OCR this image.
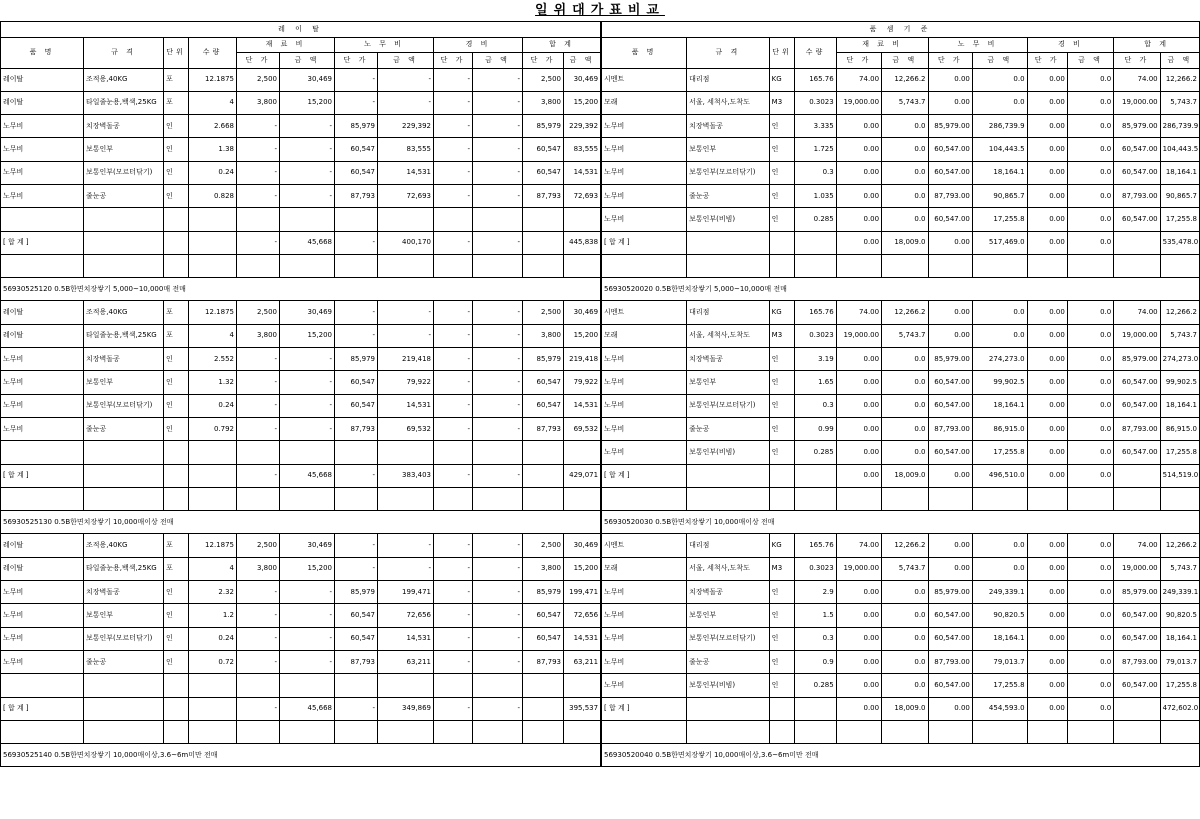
일위대가표비교
레 이 탈											
품 명	규 격	단위	수량	재 료 비		노 무 비		경 비		합 계	
				단 가	금 액	단 가	금 액	단 가	금 액	단 가	금 액
레이탈	조적용,40KG	포	12.1875	2,500	30,469	-	-	-	-	2,500	30,469
레이탈	타일줄눈용,백색,25KG	포	4	3,800	15,200	-	-	-	-	3,800	15,200
노무비	치장벽돌공	인	2.668	-	-	85,979	229,392	-	-	85,979	229,392
노무비	보통인부	인	1.38	-	-	60,547	83,555	-	-	60,547	83,555
노무비	보통인부(모르터닦기)	인	0.24	-	-	60,547	14,531	-	-	60,547	14,531
노무비	줄눈공	인	0.828	-	-	87,793	72,693	-	-	87,793	72,693

[ 합 계 ]				-	45,668	-	400,170	-	-		445,838

56930525120 0.5B한면치장쌓기 5,000~10,000매 전매											
레이탈	조적용,40KG	포	12.1875	2,500	30,469	-	-	-	-	2,500	30,469
레이탈	타일줄눈용,백색,25KG	포	4	3,800	15,200	-	-	-	-	3,800	15,200
노무비	치장벽돌공	인	2.552	-	-	85,979	219,418	-	-	85,979	219,418
노무비	보통인부	인	1.32	-	-	60,547	79,922	-	-	60,547	79,922
노무비	보통인부(모르터닦기)	인	0.24	-	-	60,547	14,531	-	-	60,547	14,531
노무비	줄눈공	인	0.792	-	-	87,793	69,532	-	-	87,793	69,532

[ 합 계 ]				-	45,668	-	383,403	-	-		429,071

56930525130 0.5B한면치장쌓기 10,000매이상 전매											
레이탈	조적용,40KG	포	12.1875	2,500	30,469	-	-	-	-	2,500	30,469
레이탈	타일줄눈용,백색,25KG	포	4	3,800	15,200	-	-	-	-	3,800	15,200
노무비	치장벽돌공	인	2.32	-	-	85,979	199,471	-	-	85,979	199,471
노무비	보통인부	인	1.2	-	-	60,547	72,656	-	-	60,547	72,656
노무비	보통인부(모르터닦기)	인	0.24	-	-	60,547	14,531	-	-	60,547	14,531
노무비	줄눈공	인	0.72	-	-	87,793	63,211	-	-	87,793	63,211

[ 합 계 ]				-	45,668	-	349,869	-	-		395,537

56930525140 0.5B한면치장쌓기 10,000매이상,3.6~6m미만 전매											
품 셈 기 준											
품 명	규 격	단위	수량	재 료 비		노 무 비		경 비		합 계	
				단 가	금 액	단 가	금 액	단 가	금 액	단 가	금 액
시멘트	대리점	KG	165.76	74.00	12,266.2	0.00	0.0	0.00	0.0	74.00	12,266.2
모래	서울, 세척사,도착도	M3	0.3023	19,000.00	5,743.7	0.00	0.0	0.00	0.0	19,000.00	5,743.7
노무비	치장벽돌공	인	3.335	0.00	0.0	85,979.00	286,739.9	0.00	0.0	85,979.00	286,739.9
노무비	보통인부	인	1.725	0.00	0.0	60,547.00	104,443.5	0.00	0.0	60,547.00	104,443.5
노무비	보통인부(모르터닦기)	인	0.3	0.00	0.0	60,547.00	18,164.1	0.00	0.0	60,547.00	18,164.1
노무비	줄눈공	인	1.035	0.00	0.0	87,793.00	90,865.7	0.00	0.0	87,793.00	90,865.7
노무비	보통인부(비빔)	인	0.285	0.00	0.0	60,547.00	17,255.8	0.00	0.0	60,547.00	17,255.8
[ 합 계 ]				0.00	18,009.0	0.00	517,469.0	0.00	0.0		535,478.0

56930520020 0.5B한면치장쌓기 5,000~10,000매 전매											
시멘트	대리점	KG	165.76	74.00	12,266.2	0.00	0.0	0.00	0.0	74.00	12,266.2
모래	서울, 세척사,도착도	M3	0.3023	19,000.00	5,743.7	0.00	0.0	0.00	0.0	19,000.00	5,743.7
노무비	치장벽돌공	인	3.19	0.00	0.0	85,979.00	274,273.0	0.00	0.0	85,979.00	274,273.0
노무비	보통인부	인	1.65	0.00	0.0	60,547.00	99,902.5	0.00	0.0	60,547.00	99,902.5
노무비	보통인부(모르터닦기)	인	0.3	0.00	0.0	60,547.00	18,164.1	0.00	0.0	60,547.00	18,164.1
노무비	줄눈공	인	0.99	0.00	0.0	87,793.00	86,915.0	0.00	0.0	87,793.00	86,915.0
노무비	보통인부(비빔)	인	0.285	0.00	0.0	60,547.00	17,255.8	0.00	0.0	60,547.00	17,255.8
[ 합 계 ]				0.00	18,009.0	0.00	496,510.0	0.00	0.0		514,519.0

56930520030 0.5B한면치장쌓기 10,000매이상 전매											
시멘트	대리점	KG	165.76	74.00	12,266.2	0.00	0.0	0.00	0.0	74.00	12,266.2
모래	서울, 세척사,도착도	M3	0.3023	19,000.00	5,743.7	0.00	0.0	0.00	0.0	19,000.00	5,743.7
노무비	치장벽돌공	인	2.9	0.00	0.0	85,979.00	249,339.1	0.00	0.0	85,979.00	249,339.1
노무비	보통인부	인	1.5	0.00	0.0	60,547.00	90,820.5	0.00	0.0	60,547.00	90,820.5
노무비	보통인부(모르터닦기)	인	0.3	0.00	0.0	60,547.00	18,164.1	0.00	0.0	60,547.00	18,164.1
노무비	줄눈공	인	0.9	0.00	0.0	87,793.00	79,013.7	0.00	0.0	87,793.00	79,013.7
노무비	보통인부(비빔)	인	0.285	0.00	0.0	60,547.00	17,255.8	0.00	0.0	60,547.00	17,255.8
[ 합 계 ]				0.00	18,009.0	0.00	454,593.0	0.00	0.0		472,602.0

56930520040 0.5B한면치장쌓기 10,000매이상,3.6~6m미만 전매											
